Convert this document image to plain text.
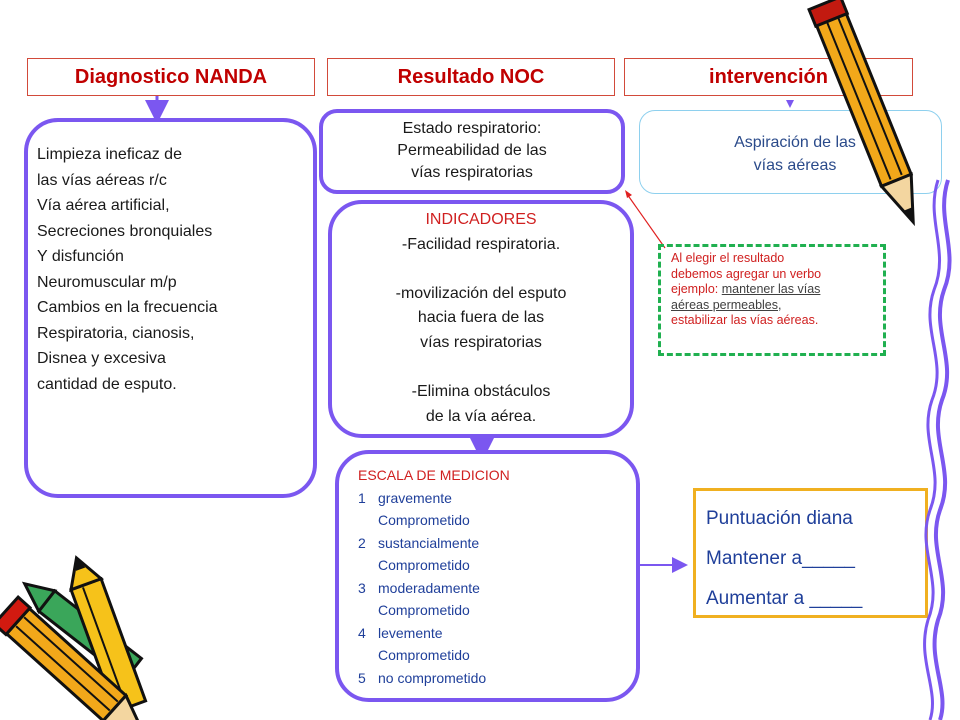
Diagnostico NANDA	Resultado NOC	intervención
Limpieza ineficaz de
las vías aéreas r/c
Vía aérea artificial,
Secreciones bronquiales
Y disfunción
Neuromuscular m/p
Cambios en la frecuencia
Respiratoria, cianosis,
Disnea y excesiva
cantidad de esputo.
Estado respiratorio:
Permeabilidad de las
vías respiratorias
Aspiración de las
vías aéreas
INDICADORES
-Facilidad respiratoria.
-movilización del esputo
hacia fuera de las
vías respiratorias
-Elimina obstáculos
de la vía aérea.
ESCALA DE MEDICION
1 gravemente
Comprometido
2 sustancialmente
Comprometido
3 moderadamente
Comprometido
4 levemente
Comprometido
5 no comprometido
Al elegir el resultado
debemos agregar un verbo
ejemplo: mantener las vías
aéreas permeables,
estabilizar las vías aéreas.
Puntuación diana
Mantener a_____
Aumentar a _____
